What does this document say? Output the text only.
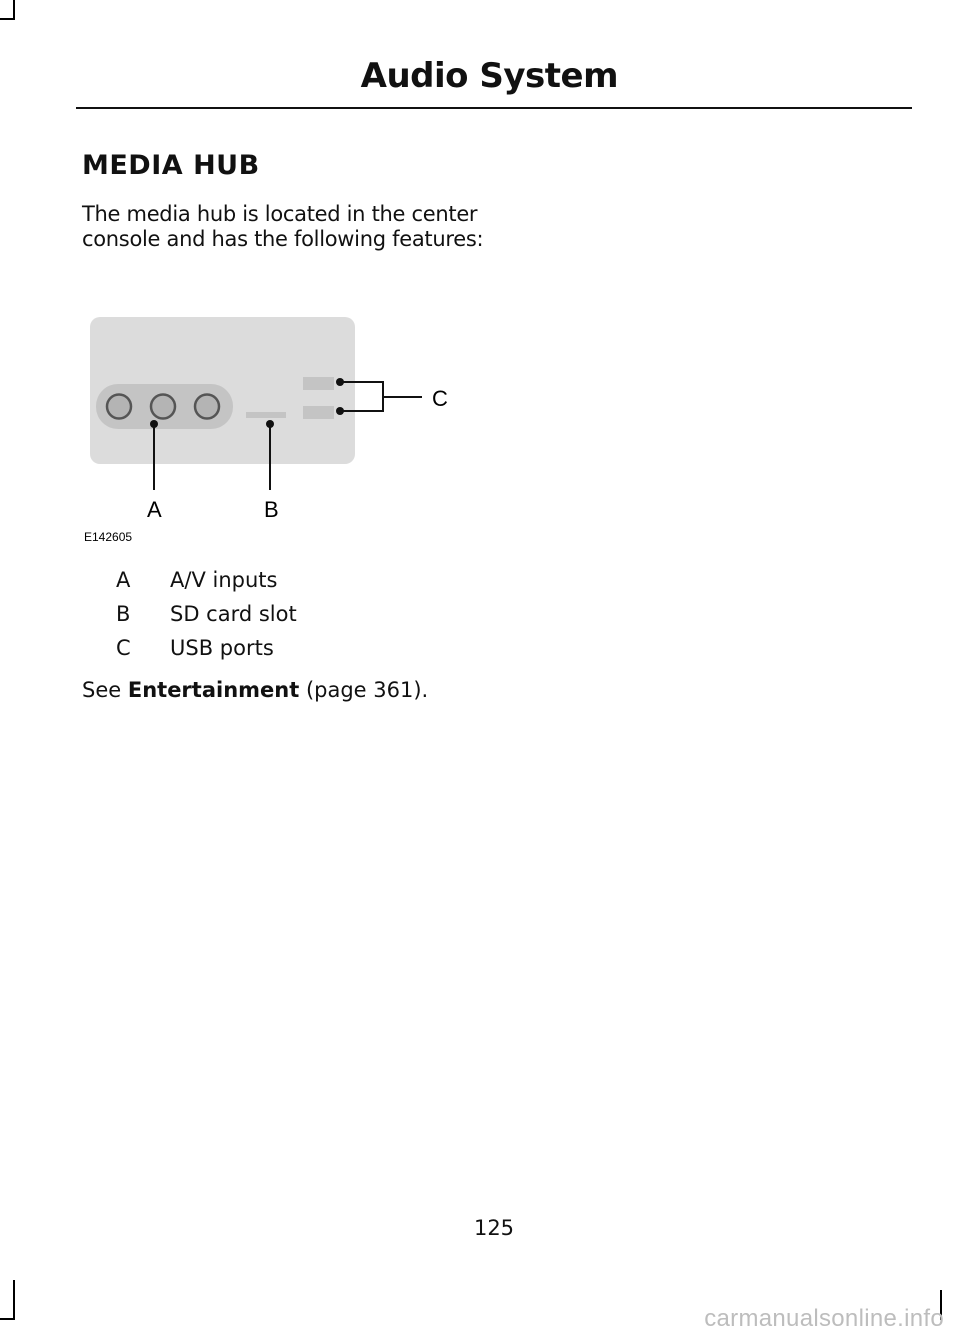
Audio System
MEDIA HUB

The media hub is located in the center console and has the following features:

C
A	B
E142605
A A/V inputs
B SD card slot
C USB ports

See Entertainment (page 361).

125

carmanualsonline.info
